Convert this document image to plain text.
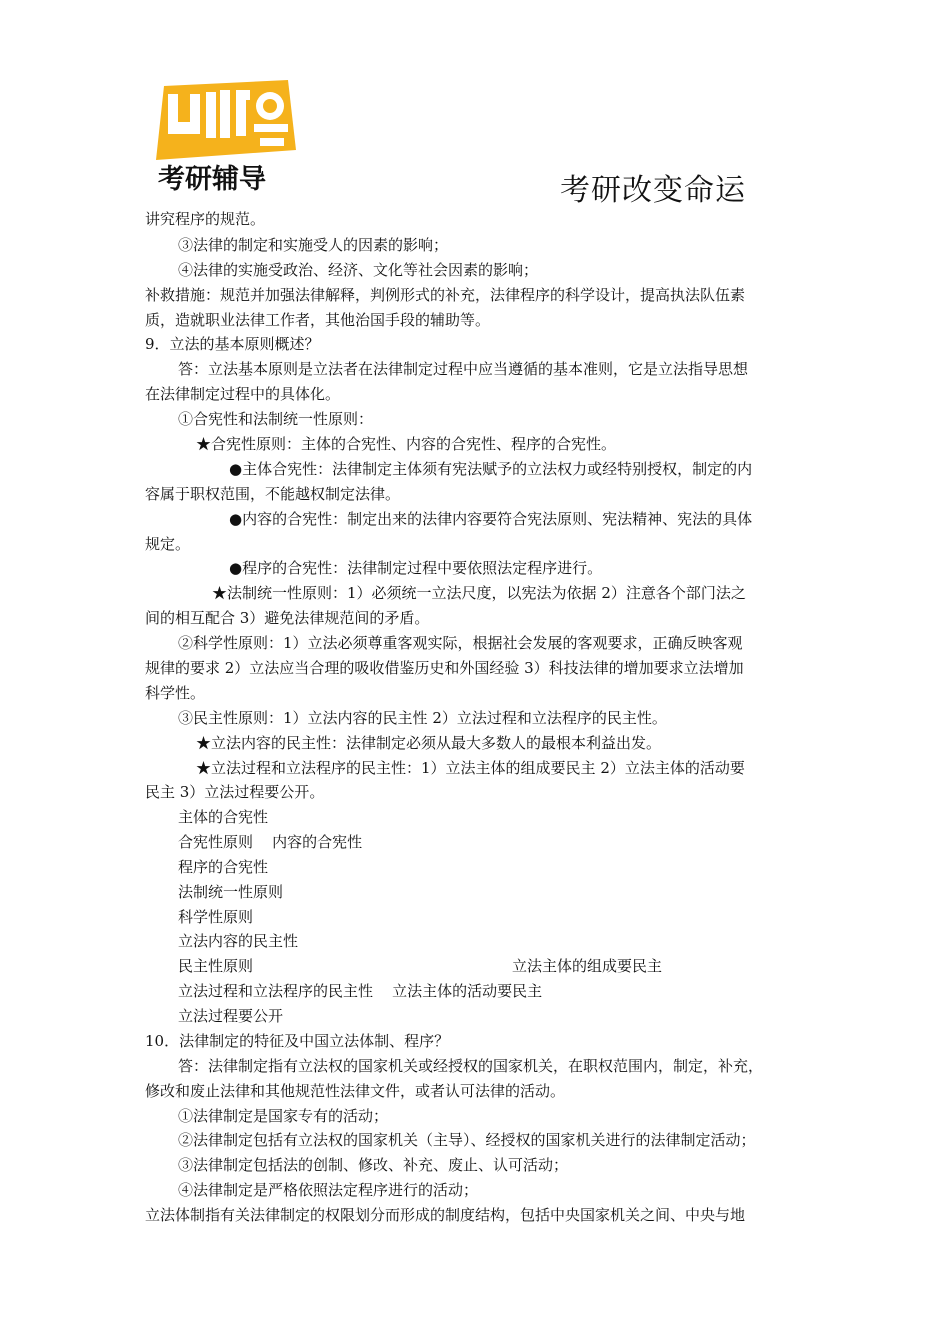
考研辅导	考研改变命运
讲究程序的规范。
③法律的制定和实施受人的因素的影响；
④法律的实施受政治、经济、文化等社会因素的影响；
补救措施：规范并加强法律解释，判例形式的补充，法律程序的科学设计，提高执法队伍素
质，造就职业法律工作者，其他治国手段的辅助等。
9．立法的基本原则概述？
答：立法基本原则是立法者在法律制定过程中应当遵循的基本准则，它是立法指导思想
在法律制定过程中的具体化。
①合宪性和法制统一性原则：
★合宪性原则：主体的合宪性、内容的合宪性、程序的合宪性。
●主体合宪性：法律制定主体须有宪法赋予的立法权力或经特别授权，制定的内
容属于职权范围，不能越权制定法律。
●内容的合宪性：制定出来的法律内容要符合宪法原则、宪法精神、宪法的具体
规定。
●程序的合宪性：法律制定过程中要依照法定程序进行。
★法制统一性原则：1）必须统一立法尺度，以宪法为依据 2）注意各个部门法之
间的相互配合 3）避免法律规范间的矛盾。
②科学性原则：1）立法必须尊重客观实际，根据社会发展的客观要求，正确反映客观
规律的要求 2）立法应当合理的吸收借鉴历史和外国经验 3）科技法律的增加要求立法增加
科学性。
③民主性原则：1）立法内容的民主性 2）立法过程和立法程序的民主性。
★立法内容的民主性：法律制定必须从最大多数人的最根本利益出发。
★立法过程和立法程序的民主性：1）立法主体的组成要民主 2）立法主体的活动要
民主 3）立法过程要公开。
主体的合宪性
合宪性原则    内容的合宪性
程序的合宪性
法制统一性原则
科学性原则
立法内容的民主性
民主性原则	立法主体的组成要民主
立法过程和立法程序的民主性    立法主体的活动要民主
立法过程要公开
10．法律制定的特征及中国立法体制、程序？
答：法律制定指有立法权的国家机关或经授权的国家机关，在职权范围内，制定，补充，
修改和废止法律和其他规范性法律文件，或者认可法律的活动。
①法律制定是国家专有的活动；
②法律制定包括有立法权的国家机关（主导）、经授权的国家机关进行的法律制定活动；
③法律制定包括法的创制、修改、补充、废止、认可活动；
④法律制定是严格依照法定程序进行的活动；
立法体制指有关法律制定的权限划分而形成的制度结构，包括中央国家机关之间、中央与地
